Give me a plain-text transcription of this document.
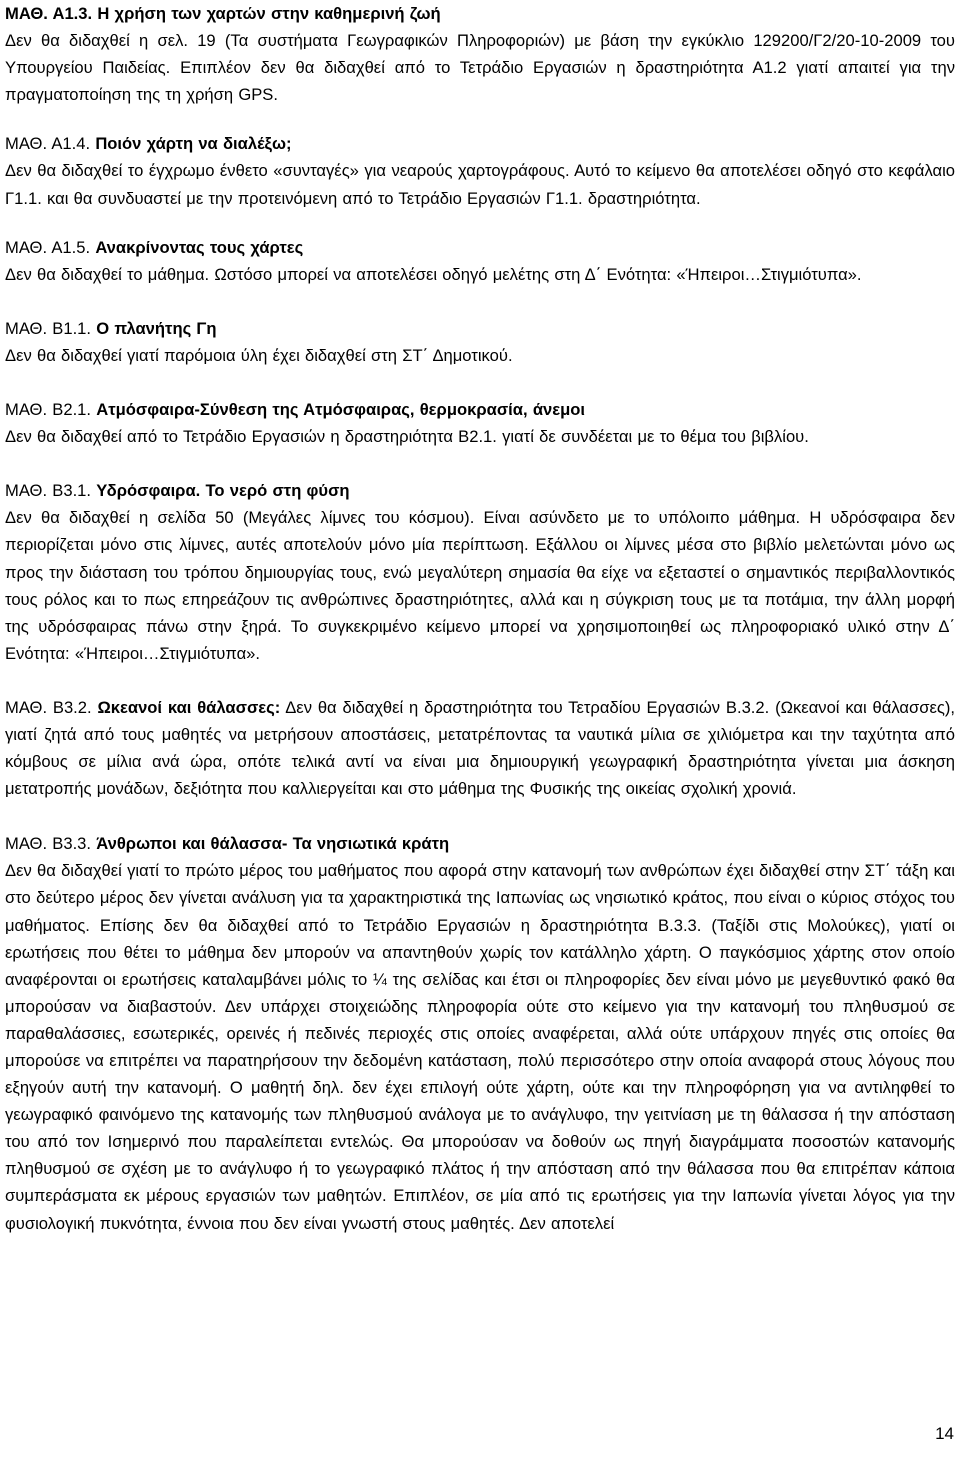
ΜΑΘ. Α1.3. Η χρήση των χαρτών στην καθημερινή ζωή
Δεν θα διδαχθεί η σελ. 19 (Τα συστήματα Γεωγραφικών Πληροφοριών) με βάση την εγκύκλιο 129200/Γ2/20-10-2009 του Υπουργείου Παιδείας. Επιπλέον δεν θα διδαχθεί από το Τετράδιο Εργασιών η δραστηριότητα Α1.2 γιατί απαιτεί για την πραγματοποίηση της τη χρήση GPS.

ΜΑΘ. Α1.4. Ποιόν χάρτη να διαλέξω;
Δεν θα διδαχθεί το έγχρωμο ένθετο «συνταγές» για νεαρούς χαρτογράφους. Αυτό το κείμενο θα αποτελέσει οδηγό στο κεφάλαιο Γ1.1. και θα συνδυαστεί με την προτεινόμενη από το Τετράδιο Εργασιών Γ1.1. δραστηριότητα.

ΜΑΘ. Α1.5. Ανακρίνοντας τους χάρτες
Δεν θα διδαχθεί το μάθημα. Ωστόσο μπορεί να αποτελέσει οδηγό μελέτης στη Δ΄ Ενότητα: «Ήπειροι…Στιγμιότυπα».

ΜΑΘ. Β1.1. Ο πλανήτης Γη
Δεν θα διδαχθεί γιατί παρόμοια ύλη έχει διδαχθεί στη ΣΤ΄ Δημοτικού.

ΜΑΘ. Β2.1. Ατμόσφαιρα-Σύνθεση της Ατμόσφαιρας, θερμοκρασία, άνεμοι
Δεν θα διδαχθεί από το Τετράδιο Εργασιών η δραστηριότητα Β2.1. γιατί δε συνδέεται με το θέμα του βιβλίου.

ΜΑΘ. Β3.1. Υδρόσφαιρα. Το νερό στη φύση
Δεν θα διδαχθεί η σελίδα 50 (Μεγάλες λίμνες του κόσμου). Είναι ασύνδετο με το υπόλοιπο μάθημα. Η υδρόσφαιρα δεν περιορίζεται μόνο στις λίμνες, αυτές αποτελούν μόνο μία περίπτωση. Εξάλλου οι λίμνες μέσα στο βιβλίο μελετώνται μόνο ως προς την διάσταση του τρόπου δημιουργίας τους, ενώ μεγαλύτερη σημασία θα είχε να εξεταστεί ο σημαντικός περιβαλλοντικός τους ρόλος και το πως επηρεάζουν τις ανθρώπινες δραστηριότητες, αλλά και η σύγκριση τους με τα ποτάμια, την άλλη μορφή της υδρόσφαιρας πάνω στην ξηρά. Το συγκεκριμένο κείμενο μπορεί να χρησιμοποιηθεί ως πληροφοριακό υλικό στην Δ΄ Ενότητα: «Ήπειροι…Στιγμιότυπα».

ΜΑΘ. Β3.2. Ωκεανοί και θάλασσες: Δεν θα διδαχθεί η δραστηριότητα του Τετραδίου Εργασιών Β.3.2. (Ωκεανοί και θάλασσες), γιατί ζητά από τους μαθητές να μετρήσουν αποστάσεις, μετατρέποντας τα ναυτικά μίλια σε χιλιόμετρα και την ταχύτητα από κόμβους σε μίλια ανά ώρα, οπότε τελικά αντί να είναι μια δημιουργική γεωγραφική δραστηριότητα γίνεται μια άσκηση μετατροπής μονάδων, δεξιότητα που καλλιεργείται και στο μάθημα της Φυσικής της οικείας σχολική χρονιά.

ΜΑΘ. Β3.3. Άνθρωποι και θάλασσα- Τα νησιωτικά κράτη
Δεν θα διδαχθεί γιατί το πρώτο μέρος του μαθήματος που αφορά στην κατανομή των ανθρώπων έχει διδαχθεί στην ΣΤ΄ τάξη και στο δεύτερο μέρος δεν γίνεται ανάλυση για τα χαρακτηριστικά της Ιαπωνίας ως νησιωτικό κράτος, που είναι ο κύριος στόχος του μαθήματος. Επίσης δεν θα διδαχθεί από το Τετράδιο Εργασιών η δραστηριότητα Β.3.3. (Ταξίδι στις Μολούκες), γιατί οι ερωτήσεις που θέτει το μάθημα δεν μπορούν να απαντηθούν χωρίς τον κατάλληλο χάρτη. Ο παγκόσμιος χάρτης στον οποίο αναφέρονται οι ερωτήσεις καταλαμβάνει μόλις το ¼ της σελίδας και έτσι οι πληροφορίες δεν είναι μόνο με μεγεθυντικό φακό θα μπορούσαν να διαβαστούν. Δεν υπάρχει στοιχειώδης πληροφορία ούτε στο κείμενο για την κατανομή του πληθυσμού σε παραθαλάσσιες, εσωτερικές, ορεινές ή πεδινές περιοχές στις οποίες αναφέρεται, αλλά ούτε υπάρχουν πηγές στις οποίες θα μπορούσε να επιτρέπει να παρατηρήσουν την δεδομένη κατάσταση, πολύ περισσότερο στην οποία αναφορά στους λόγους που εξηγούν αυτή την κατανομή. Ο μαθητή δηλ. δεν έχει επιλογή ούτε χάρτη, ούτε και την πληροφόρηση για να αντιληφθεί το γεωγραφικό φαινόμενο της κατανομής των πληθυσμού ανάλογα με το ανάγλυφο, την γειτνίαση με τη θάλασσα ή την απόσταση του από τον Ισημερινό που παραλείπεται εντελώς. Θα μπορούσαν να δοθούν ως πηγή διαγράμματα ποσοστών κατανομής πληθυσμού σε σχέση με το ανάγλυφο ή το γεωγραφικό πλάτος ή την απόσταση από την θάλασσα που θα επιτρέπαν κάποια συμπεράσματα εκ μέρους εργασιών των μαθητών. Επιπλέον, σε μία από τις ερωτήσεις για την Ιαπωνία γίνεται λόγος για την φυσιολογική πυκνότητα, έννοια που δεν είναι γνωστή στους μαθητές. Δεν αποτελεί

14
